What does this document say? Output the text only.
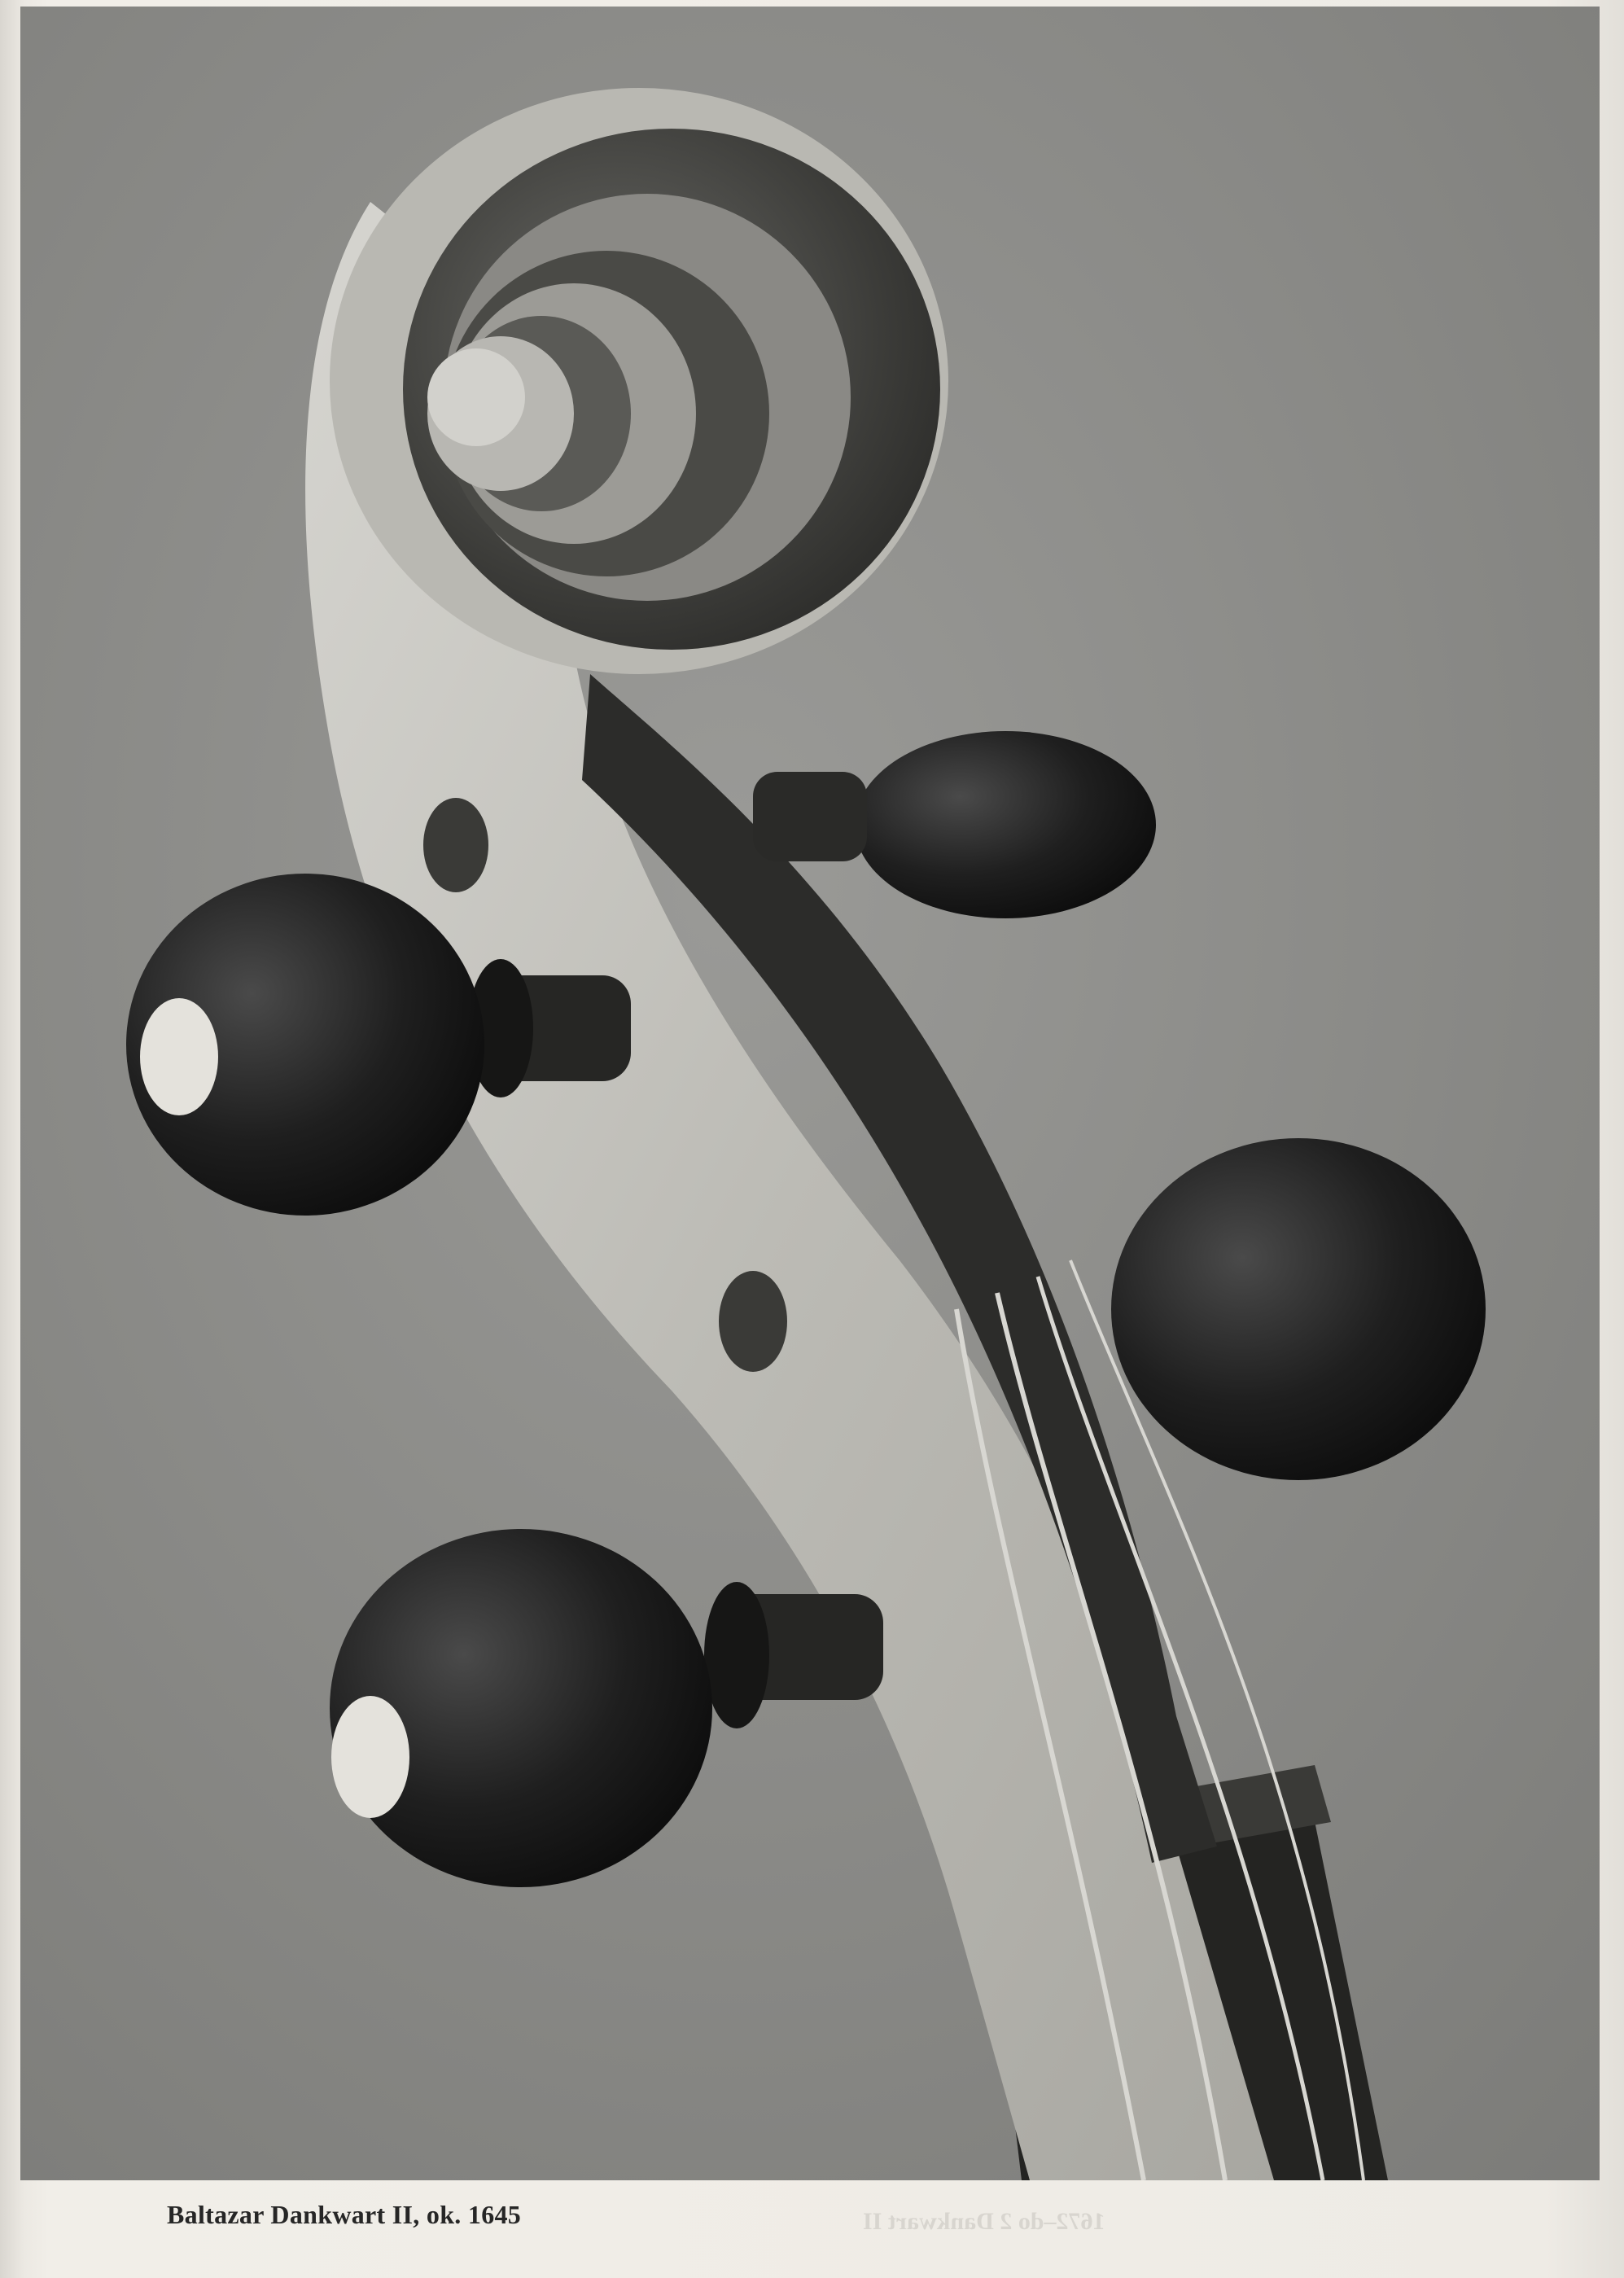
Baltazar Dankwart II, ok. 1645	1672–do 2 Dankwart II
